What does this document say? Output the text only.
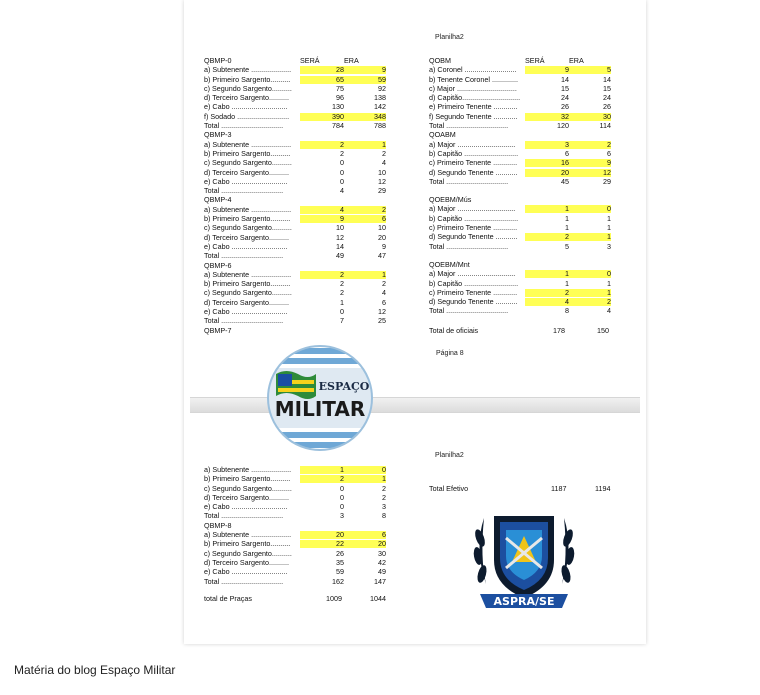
Planilha2
QBMP-0	SERÁ	ERA
a) Subtenente ....................	28	9
b) Primeiro Sargento..........	65	59
c) Segundo Sargento..........	75	92
d) Terceiro Sargento..........	96	138
e) Cabo ............................	130	142
f) Sodado ..........................	390	348
Total ...............................	784	788
QBMP-3
a) Subtenente ....................	2	1
b) Primeiro Sargento..........	2	2
c) Segundo Sargento..........	0	4
d) Terceiro Sargento..........	0	10
e) Cabo ............................	0	12
Total ...............................	4	29
QBMP-4
a) Subtenente ....................	4	2
b) Primeiro Sargento..........	9	6
c) Segundo Sargento..........	10	10
d) Terceiro Sargento..........	12	20
e) Cabo ............................	14	9
Total ...............................	49	47
QBMP-6
a) Subtenente ....................	2	1
b) Primeiro Sargento..........	2	2
c) Segundo Sargento..........	2	4
d) Terceiro Sargento..........	1	6
e) Cabo ............................	0	12
Total ...............................	7	25
QBMP-7
QOBM	SERÁ	ERA
a) Coronel ..........................	9	5
b) Tenente Coronel .............	14	14
c) Major ..............................	15	15
d) Capitão.............................	24	24
e) Primeiro Tenente ............	26	26
f) Segundo Tenente ............	32	30
Total ...............................	120	114
QOABM
a) Major .............................	3	2
b) Capitão ...........................	6	6
c) Primeiro Tenente ............	16	9
d) Segundo Tenente ...........	20	12
Total ...............................	45	29
QOEBM/Mús
a) Major .............................	1	0
b) Capitão ...........................	1	1
c) Primeiro Tenente ............	1	1
d) Segundo Tenente ...........	2	1
Total ...............................	5	3
QOEBM/Mnt
a) Major .............................	1	0
b) Capitão ...........................	1	1
c) Primeiro Tenente ............	2	1
d) Segundo Tenente ...........	4	2
Total ...............................	8	4
Total de oficiais	178	150
Página 8
Planilha2
a) Subtenente ....................	1	0
b) Primeiro Sargento..........	2	1
c) Segundo Sargento..........	0	2
d) Terceiro Sargento..........	0	2
e) Cabo ............................	0	3
Total ...............................	3	8
QBMP-8
a) Subtenente ....................	20	6
b) Primeiro Sargento..........	22	20
c) Segundo Sargento..........	26	30
d) Terceiro Sargento..........	35	42
e) Cabo ............................	59	49
Total ...............................	162	147
total de Praças	1009	1044
Total Efetivo	1187	1194
ESPAÇO
MILITAR
ASPRA/SE
Matéria do blog Espaço Militar
